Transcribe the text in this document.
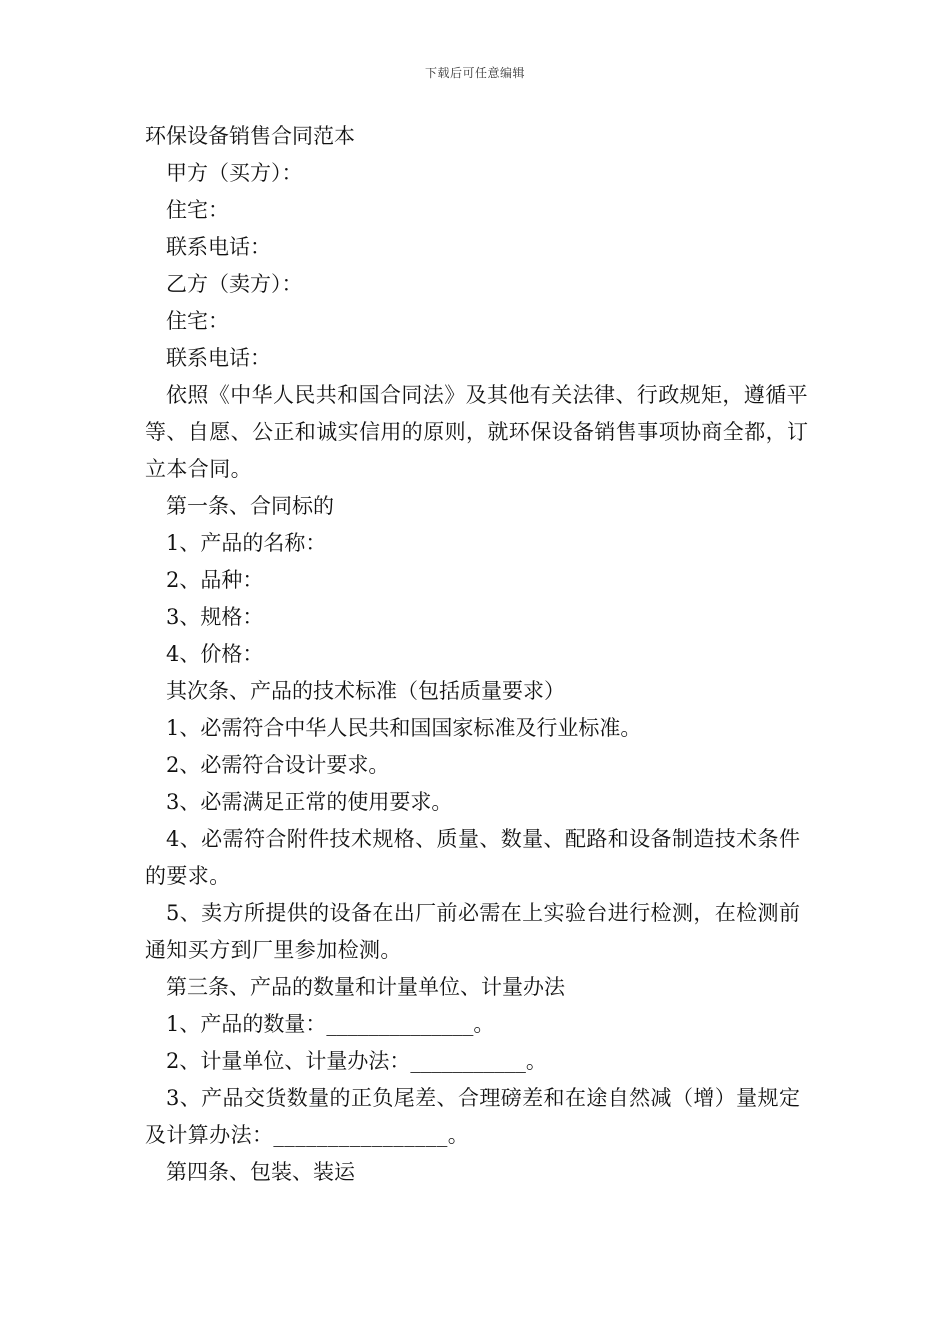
下载后可任意编辑

环保设备销售合同范本

甲方（买方）：

住宅：

联系电话：

乙方（卖方）：

住宅：

联系电话：

依照《中华人民共和国合同法》及其他有关法律、行政规矩，遵循平等、自愿、公正和诚实信用的原则，就环保设备销售事项协商全都，订立本合同。

第一条、合同标的

1、产品的名称：

2、品种：

3、规格：

4、价格：

其次条、产品的技术标准（包括质量要求）

1、必需符合中华人民共和国国家标准及行业标准。

2、必需符合设计要求。

3、必需满足正常的使用要求。

4、必需符合附件技术规格、质量、数量、配路和设备制造技术条件的要求。

5、卖方所提供的设备在出厂前必需在上实验台进行检测，在检测前通知买方到厂里参加检测。

第三条、产品的数量和计量单位、计量办法

1、产品的数量：______________。

2、计量单位、计量办法：___________。

3、产品交货数量的正负尾差、合理磅差和在途自然减（增）量规定及计算办法：________________。

第四条、包装、装运
